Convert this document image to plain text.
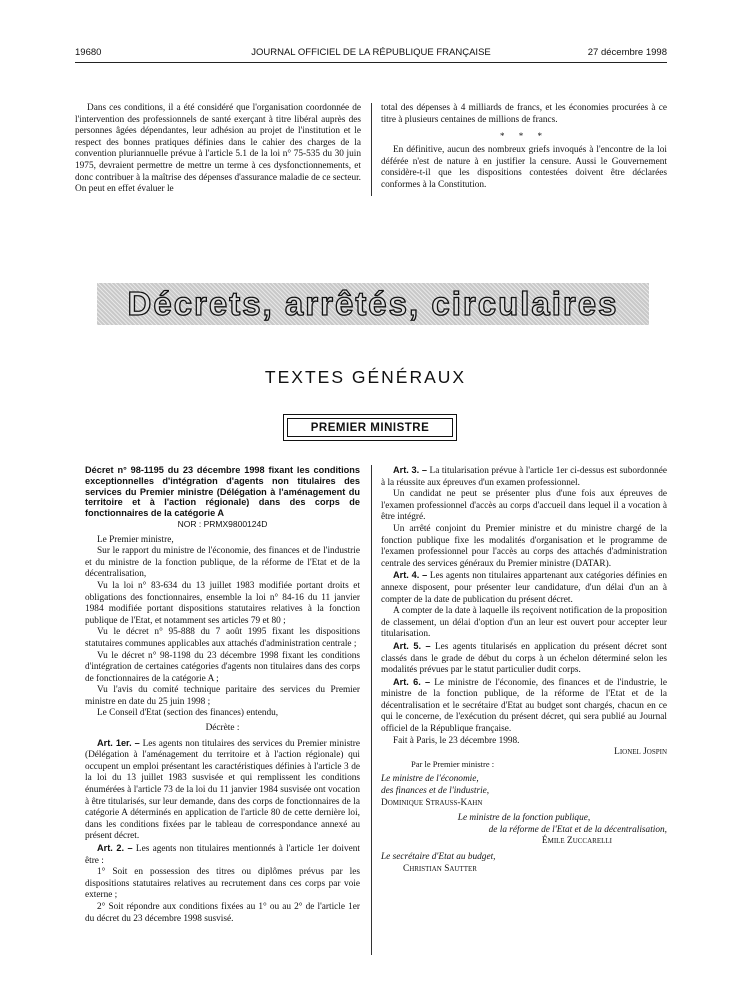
19680	JOURNAL OFFICIEL DE LA RÉPUBLIQUE FRANÇAISE	27 décembre 1998

Dans ces conditions, il a été considéré que l'organisation coordonnée de l'intervention des professionnels de santé exerçant à titre libéral auprès des personnes âgées dépendantes, leur adhésion au projet de l'institution et le respect des bonnes pratiques définies dans le cahier des charges de la convention pluriannuelle prévue à l'article 5.1 de la loi n° 75-535 du 30 juin 1975, devraient permettre de mettre un terme à ces dysfonctionnements, et donc contribuer à la maîtrise des dépenses d'assurance maladie de ce secteur. On peut en effet évaluer le

total des dépenses à 4 milliards de francs, et les économies procurées à ce titre à plusieurs centaines de millions de francs.

* * *

En définitive, aucun des nombreux griefs invoqués à l'encontre de la loi déférée n'est de nature à en justifier la censure. Aussi le Gouvernement considère-t-il que les dispositions contestées doivent être déclarées conformes à la Constitution.

Décrets, arrêtés, circulaires
TEXTES GÉNÉRAUX
PREMIER MINISTRE

Décret n° 98-1195 du 23 décembre 1998 fixant les conditions exceptionnelles d'intégration d'agents non titulaires des services du Premier ministre (Délégation à l'aménagement du territoire et à l'action régionale) dans des corps de fonctionnaires de la catégorie A

NOR : PRMX9800124D

Le Premier ministre,

Sur le rapport du ministre de l'économie, des finances et de l'industrie et du ministre de la fonction publique, de la réforme de l'Etat et de la décentralisation,

Vu la loi n° 83-634 du 13 juillet 1983 modifiée portant droits et obligations des fonctionnaires, ensemble la loi n° 84-16 du 11 janvier 1984 modifiée portant dispositions statutaires relatives à la fonction publique de l'Etat, et notamment ses articles 79 et 80 ;

Vu le décret n° 95-888 du 7 août 1995 fixant les dispositions statutaires communes applicables aux attachés d'administration centrale ;

Vu le décret n° 98-1198 du 23 décembre 1998 fixant les conditions d'intégration de certaines catégories d'agents non titulaires dans des corps de fonctionnaires de la catégorie A ;

Vu l'avis du comité technique paritaire des services du Premier ministre en date du 25 juin 1998 ;

Le Conseil d'Etat (section des finances) entendu,

Décrète :

Art. 1er. – Les agents non titulaires des services du Premier ministre (Délégation à l'aménagement du territoire et à l'action régionale) qui occupent un emploi présentant les caractéristiques définies à l'article 3 de la loi du 13 juillet 1983 susvisée et qui remplissent les conditions énumérées à l'article 73 de la loi du 11 janvier 1984 susvisée ont vocation à être titularisés, sur leur demande, dans des corps de fonctionnaires de la catégorie A déterminés en application de l'article 80 de cette dernière loi, dans les conditions fixées par le tableau de correspondance annexé au présent décret.

Art. 2. – Les agents non titulaires mentionnés à l'article 1er doivent être :

1° Soit en possession des titres ou diplômes prévus par les dispositions statutaires relatives au recrutement dans ces corps par voie externe ;

2° Soit répondre aux conditions fixées au 1° ou au 2° de l'article 1er du décret du 23 décembre 1998 susvisé.

Art. 3. – La titularisation prévue à l'article 1er ci-dessus est subordonnée à la réussite aux épreuves d'un examen professionnel.

Un candidat ne peut se présenter plus d'une fois aux épreuves de l'examen professionnel d'accès au corps d'accueil dans lequel il a vocation à être intégré.

Un arrêté conjoint du Premier ministre et du ministre chargé de la fonction publique fixe les modalités d'organisation et le programme de l'examen professionnel pour l'accès au corps des attachés d'administration centrale des services généraux du Premier ministre (DATAR).

Art. 4. – Les agents non titulaires appartenant aux catégories définies en annexe disposent, pour présenter leur candidature, d'un délai d'un an à compter de la date de publication du présent décret.

A compter de la date à laquelle ils reçoivent notification de la proposition de classement, un délai d'option d'un an leur est ouvert pour accepter leur titularisation.

Art. 5. – Les agents titularisés en application du présent décret sont classés dans le grade de début du corps à un échelon déterminé selon les modalités prévues par le statut particulier dudit corps.

Art. 6. – Le ministre de l'économie, des finances et de l'industrie, le ministre de la fonction publique, de la réforme de l'Etat et de la décentralisation et le secrétaire d'Etat au budget sont chargés, chacun en ce qui le concerne, de l'exécution du présent décret, qui sera publié au Journal officiel de la République française.

Fait à Paris, le 23 décembre 1998.

Lionel Jospin
Par le Premier ministre :
Le ministre de l'économie,
des finances et de l'industrie,
Dominique Strauss-Kahn
Le ministre de la fonction publique,
de la réforme de l'Etat et de la décentralisation,
Émile Zuccarelli
Le secrétaire d'Etat au budget,
Christian Sautter
